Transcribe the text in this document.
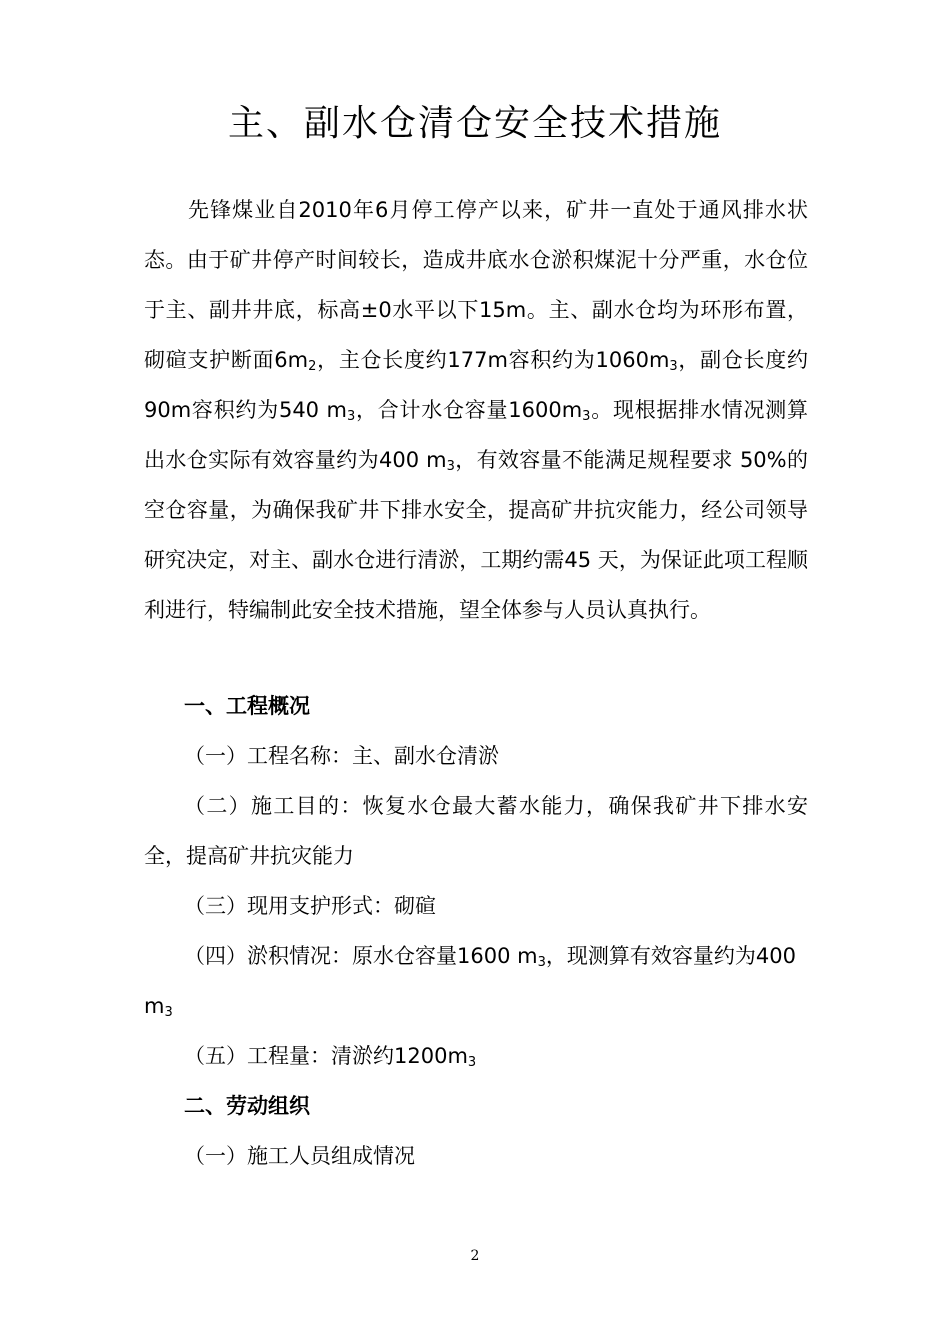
主、副水仓清仓安全技术措施

先锋煤业自2010年6月停工停产以来，矿井一直处于通风排水状态。由于矿井停产时间较长，造成井底水仓淤积煤泥十分严重，水仓位于主、副井井底，标高±0水平以下15m。主、副水仓均为环形布置，砌碹支护断面$6m_2$，主仓长度约177m容积约为$1060m_3$，副仓长度约90m容积约为540 $m_3$，合计水仓容量$1600m_3$。现根据排水情况测算出水仓实际有效容量约为400 $m_3$，有效容量不能满足规程要求 50%的空仓容量，为确保我矿井下排水安全，提高矿井抗灾能力，经公司领导研究决定，对主、副水仓进行清淤，工期约需45 天，为保证此项工程顺利进行，特编制此安全技术措施，望全体参与人员认真执行。

一、工程概况
（一）工程名称：主、副水仓清淤
（二）施工目的：恢复水仓最大蓄水能力，确保我矿井下排水安全，提高矿井抗灾能力
（三）现用支护形式：砌碹
（四）淤积情况：原水仓容量1600 $m_3$，现测算有效容量约为400
$m_3$
（五）工程量：清淤约$1200m_3$
二、劳动组织
（一）施工人员组成情况
2
